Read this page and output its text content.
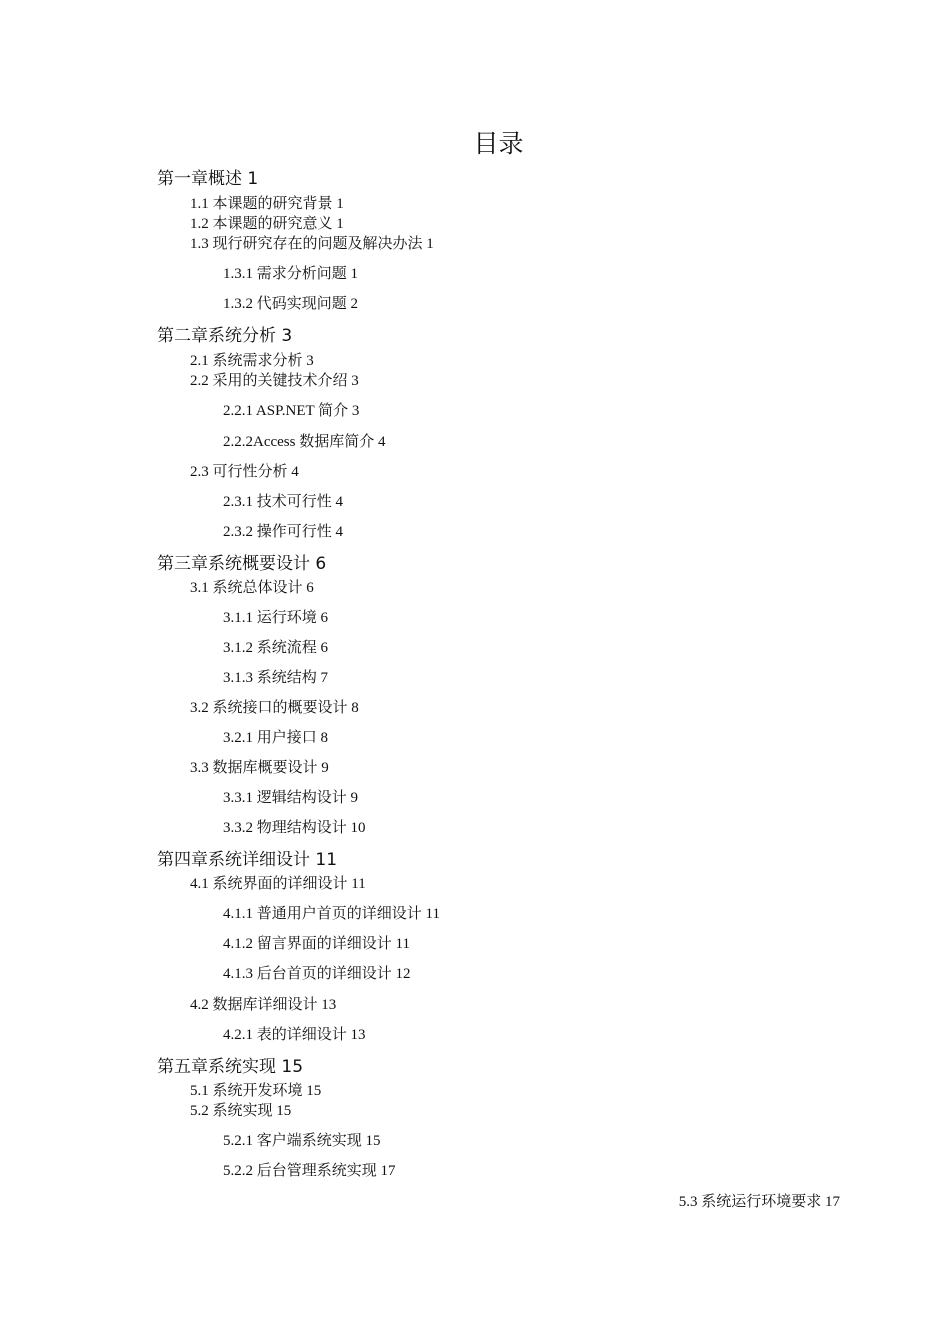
目录
第一章概述 1
1.1 本课题的研究背景 1
1.2 本课题的研究意义 1
1.3 现行研究存在的问题及解决办法 1
1.3.1 需求分析问题 1
1.3.2 代码实现问题 2
第二章系统分析 3
2.1 系统需求分析 3
2.2 采用的关键技术介绍 3
2.2.1 ASP.NET 简介 3
2.2.2Access 数据库简介 4
2.3 可行性分析 4
2.3.1 技术可行性 4
2.3.2 操作可行性 4
第三章系统概要设计 6
3.1 系统总体设计 6
3.1.1 运行环境 6
3.1.2 系统流程 6
3.1.3 系统结构 7
3.2 系统接口的概要设计 8
3.2.1 用户接口 8
3.3 数据库概要设计 9
3.3.1 逻辑结构设计 9
3.3.2 物理结构设计 10
第四章系统详细设计 11
4.1 系统界面的详细设计 11
4.1.1 普通用户首页的详细设计 11
4.1.2 留言界面的详细设计 11
4.1.3 后台首页的详细设计 12
4.2 数据库详细设计 13
4.2.1 表的详细设计 13
第五章系统实现 15
5.1 系统开发环境 15
5.2 系统实现 15
5.2.1 客户端系统实现 15
5.2.2 后台管理系统实现 17
5.3 系统运行环境要求 17
